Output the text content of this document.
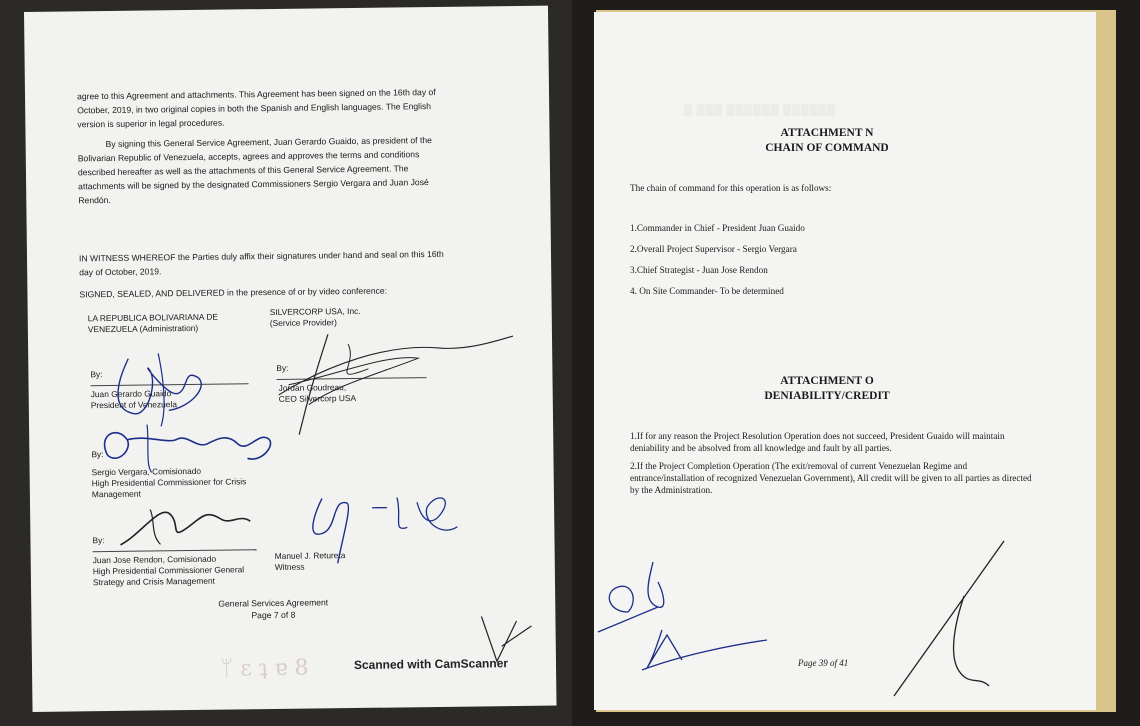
agree to this Agreement and attachments. This Agreement has been signed on the 16th day of October, 2019, in two original copies in both the Spanish and English languages. The English version is superior in legal procedures.

By signing this General Service Agreement, Juan Gerardo Guaido, as president of the Bolivarian Republic of Venezuela, accepts, agrees and approves the terms and conditions described hereafter as well as the attachments of this General Service Agreement. The attachments will be signed by the designated Commissioners Sergio Vergara and Juan José Rendón.

IN WITNESS WHEREOF the Parties duly affix their signatures under hand and seal on this 16th day of October, 2019.
SIGNED, SEALED, AND DELIVERED in the presence of or by video conference:
LA REPUBLICA BOLIVARIANA DE
VENEZUELA (Administration)
SILVERCORP USA, Inc.
(Service Provider)
By:
By:
Juan Gerardo Guaido
President of Venezuela
Jordan Goudreau,
CEO Silvercorp USA
By:
Sergio Vergara, Comisionado
High Presidential Commissioner for Crisis
Management
By:
Juan Jose Rendon, Comisionado
High Presidential Commissioner General
Strategy and Crisis Management
Manuel J. Retureta
Witness
General Services Agreement
Page 7 of 8
ᛘ ɛ ʇ ɐ 8	Scanned with CamScanner
▒ ▒▒▒ ▒▒▒▒▒▒ ▒▒▒▒▒▒
ATTACHMENT N
CHAIN OF COMMAND
The chain of command for this operation is as follows:
1.Commander in Chief - President Juan Guaido
2.Overall Project Supervisor - Sergio Vergara
3.Chief Strategist - Juan Jose Rendon
4. On Site Commander- To be determined
ATTACHMENT O
DENIABILITY/CREDIT
1.If for any reason the Project Resolution Operation does not succeed, President Guaido will maintain deniability and be absolved from all knowledge and fault by all parties.
2.If the Project Completion Operation (The exit/removal of current Venezuelan Regime and entrance/installation of recognized Venezuelan Government), All credit will be given to all parties as directed by the Administration.
Page 39 of 41
